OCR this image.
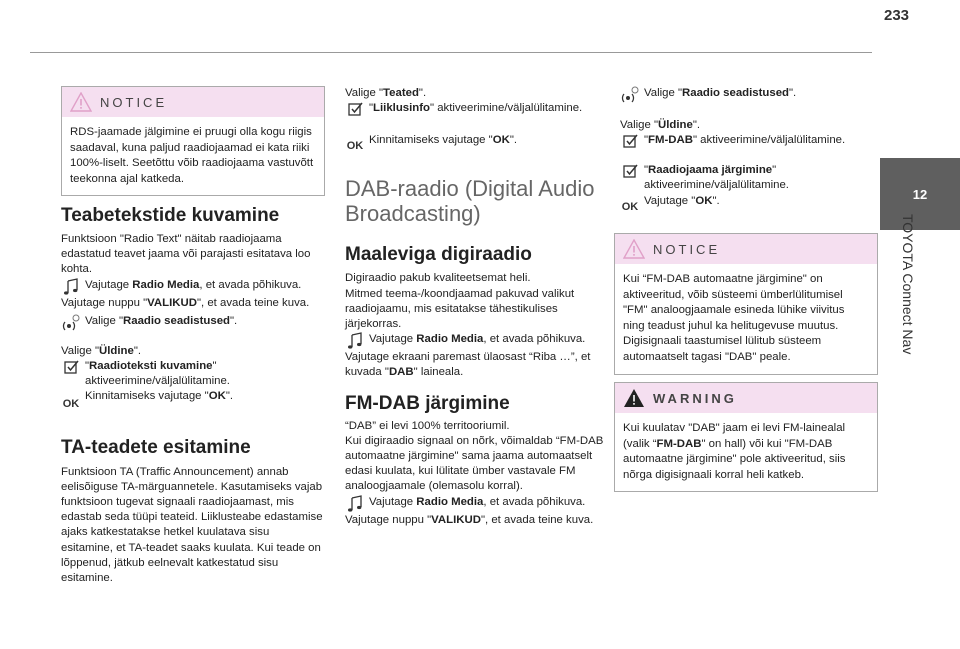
233
12
TOYOTA Connect Nav
NOTICE
RDS-jaamade jälgimine ei pruugi olla kogu riigis saadaval, kuna paljud raadiojaamad ei kata riiki 100%-liselt. Seetõttu võib raadiojaama vastuvõtt teekonna ajal katkeda.
Teabetekstide kuvamine

Funktsioon "Radio Text" näitab raadiojaama edastatud teavet jaama või parajasti esitatava loo kohta.

Vajutage Radio Media, et avada põhikuva.

Vajutage nuppu "VALIKUD", et avada teine kuva.

Valige "Raadio seadistused".

Valige "Üldine".

"Raadioteksti kuvamine" aktiveerimine/väljalülitamine.

OK

Kinnitamiseks vajutage "OK".

TA-teadete esitamine

Funktsioon TA (Traffic Announcement) annab eelisõiguse TA-märguannetele. Kasutamiseks vajab funktsioon tugevat signaali raadiojaamast, mis edastab seda tüüpi teateid. Liiklusteabe edastamise ajaks katkestatakse hetkel kuulatava sisu esitamine, et TA-teadet saaks kuulata. Kui teade on lõppenud, jätkub eelnevalt katkestatud sisu esitamine.

Valige "Teated".

"Liiklusinfo" aktiveerimine/väljalülitamine.

OK Kinnitamiseks vajutage "OK".

DAB-raadio (Digital Audio Broadcasting)
Maaleviga digiraadio

Digiraadio pakub kvaliteetsemat heli.

Mitmed teema-/koondjaamad pakuvad valikut raadiojaamu, mis esitatakse tähestikulises järjekorras.

Vajutage Radio Media, et avada põhikuva.

Vajutage ekraani paremast ülaosast “Riba …”, et kuvada "DAB" laineala.

FM-DAB järgimine

“DAB” ei levi 100% territooriumil.

Kui digiraadio signaal on nõrk, võimaldab “FM-DAB automaatne järgimine" sama jaama automaatselt edasi kuulata, kui lülitate ümber vastavale FM analoogjaamale (olemasolu korral).

Vajutage Radio Media, et avada põhikuva.

Vajutage nuppu "VALIKUD", et avada teine kuva.

Valige "Raadio seadistused".

Valige "Üldine".

"FM-DAB" aktiveerimine/väljalülitamine.

"Raadiojaama järgimine" aktiveerimine/väljalülitamine.

OK Vajutage "OK".

NOTICE
Kui “FM-DAB automaatne järgimine" on aktiveeritud, võib süsteemi ümberlülitumisel "FM" analoogjaamale esineda lühike viivitus ning teadust juhul ka helitugevuse muutus. Digisignaali taastumisel lülitub süsteem automaatselt tagasi "DAB" peale.
WARNING
Kui kuulatav "DAB" jaam ei levi FM-lainealal (valik “FM-DAB" on hall) või kui "FM-DAB automaatne järgimine" pole aktiveeritud, siis nõrga digisignaali korral heli katkeb.
